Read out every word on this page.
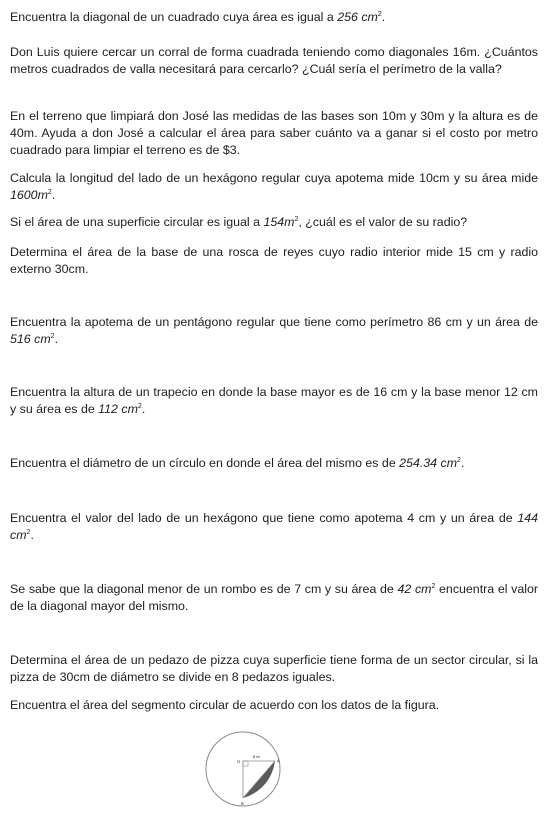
Encuentra la diagonal de un cuadrado cuya área es igual a 256 $cm^2$.

Don Luis quiere cercar un corral de forma cuadrada teniendo como diagonales 16m. ¿Cuántos metros cuadrados de valla necesitará para cercarlo? ¿Cuál sería el perímetro de la valla?

En el terreno que limpiará don José las medidas de las bases son 10m y 30m y la altura es de 40m. Ayuda a don José a calcular el área para saber cuánto va a ganar si el costo por metro cuadrado para limpiar el terreno es de $3.

Calcula la longitud del lado de un hexágono regular cuya apotema mide 10cm y su área mide $1600m^2$.

Si el área de una superficie circular es igual a $154m^2$, ¿cuál es el valor de su radio?

Determina el área de la base de una rosca de reyes cuyo radio interior mide 15 cm y radio externo 30cm.

Encuentra la apotema de un pentágono regular que tiene como perímetro 86 cm y un área de 516 $cm^2$.

Encuentra la altura de un trapecio en donde la base mayor es de 16 cm y la base menor 12 cm y su área es de 112 $cm^2$.

Encuentra el diámetro de un círculo en donde el área del mismo es de 254.34 $cm^2$.

Encuentra el valor del lado de un hexágono que tiene como apotema 4 cm y un área de 144 $cm^2$.

Se sabe que la diagonal menor de un rombo es de 7 cm y su área de 42 $cm^2$ encuentra el valor de la diagonal mayor del mismo.

Determina el área de un pedazo de pizza cuya superficie tiene forma de un sector circular, si la pizza de 30cm de diámetro se divide en 8 pedazos iguales.

Encuentra el área del segmento circular de acuerdo con los datos de la figura.

6 m
O	A
B
